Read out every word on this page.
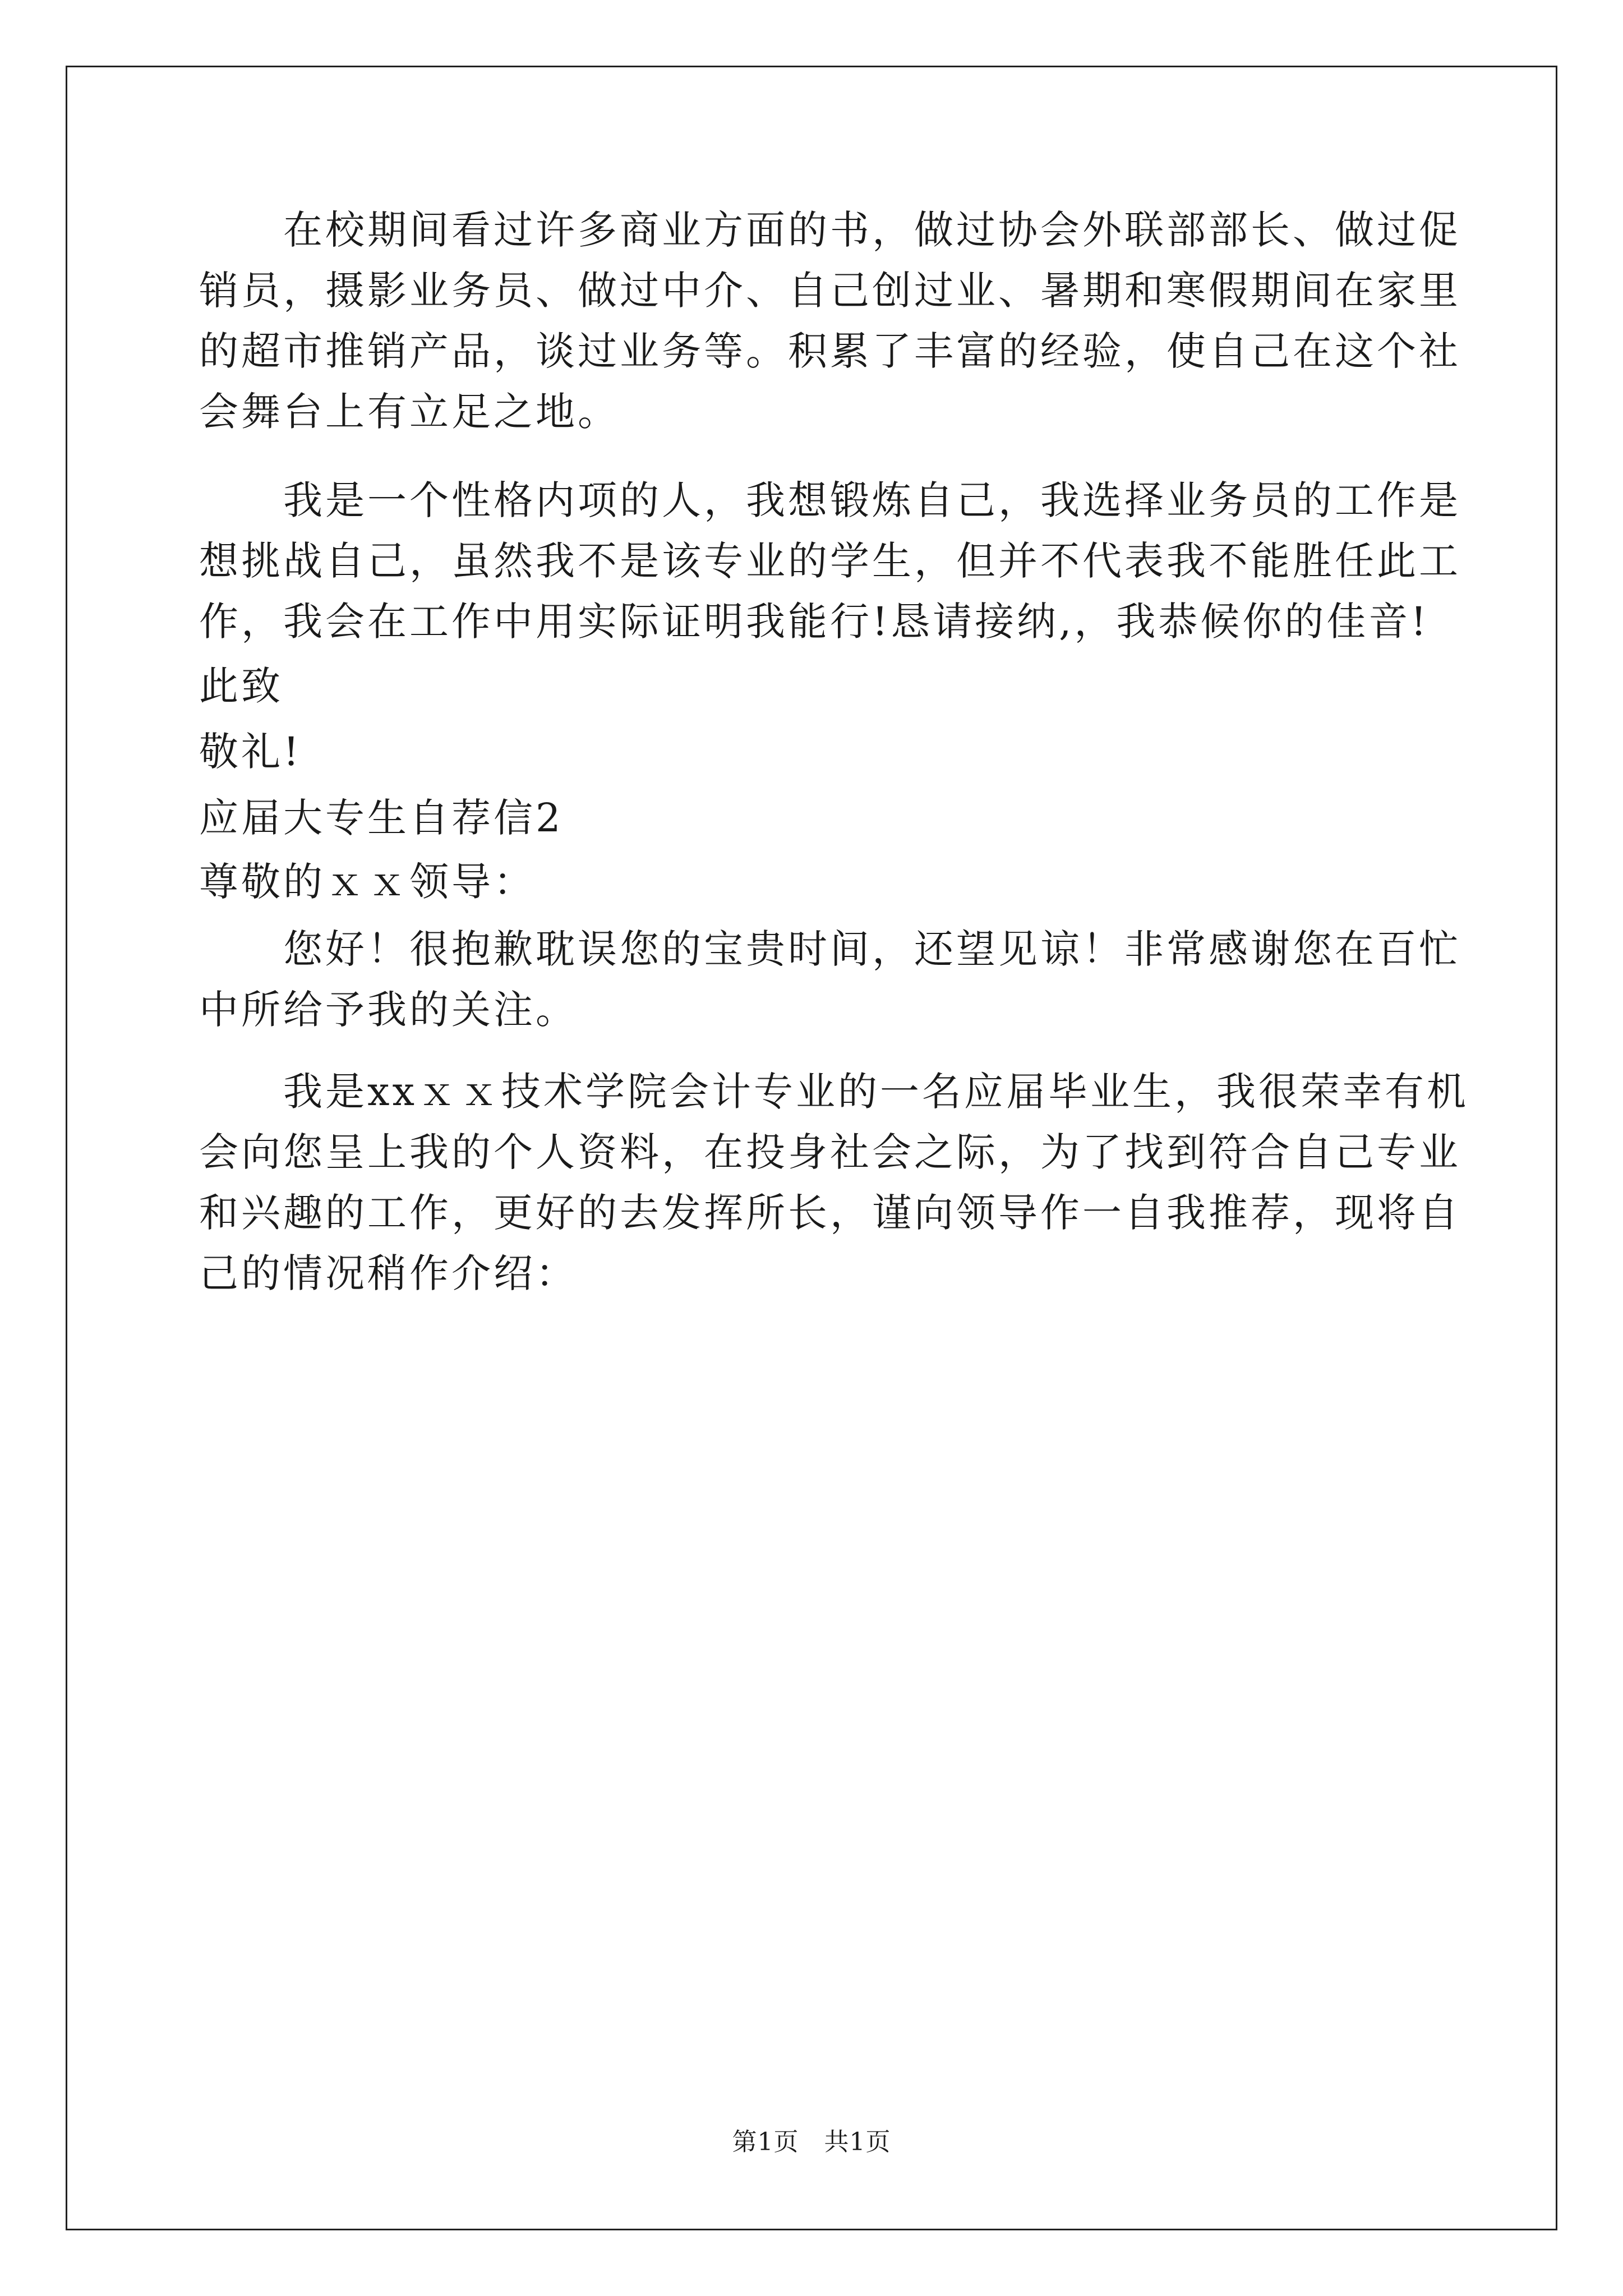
在校期间看过许多商业方面的书，做过协会外联部部长、做过促
销员，摄影业务员、做过中介、自己创过业、暑期和寒假期间在家里
的超市推销产品，谈过业务等。积累了丰富的经验，使自己在这个社
会舞台上有立足之地。
我是一个性格内项的人，我想锻炼自己，我选择业务员的工作是
想挑战自己，虽然我不是该专业的学生，但并不代表我不能胜任此工
作，我会在工作中用实际证明我能行!恳请接纳,，我恭候你的佳音!
此致
敬礼!
应届大专生自荐信2
尊敬的ｘｘ领导：
您好！很抱歉耽误您的宝贵时间，还望见谅！非常感谢您在百忙
中所给予我的关注。
我是xxｘｘ技术学院会计专业的一名应届毕业生，我很荣幸有机
会向您呈上我的个人资料，在投身社会之际，为了找到符合自己专业
和兴趣的工作，更好的去发挥所长，谨向领导作一自我推荐，现将自
己的情况稍作介绍：
第1页   共1页
